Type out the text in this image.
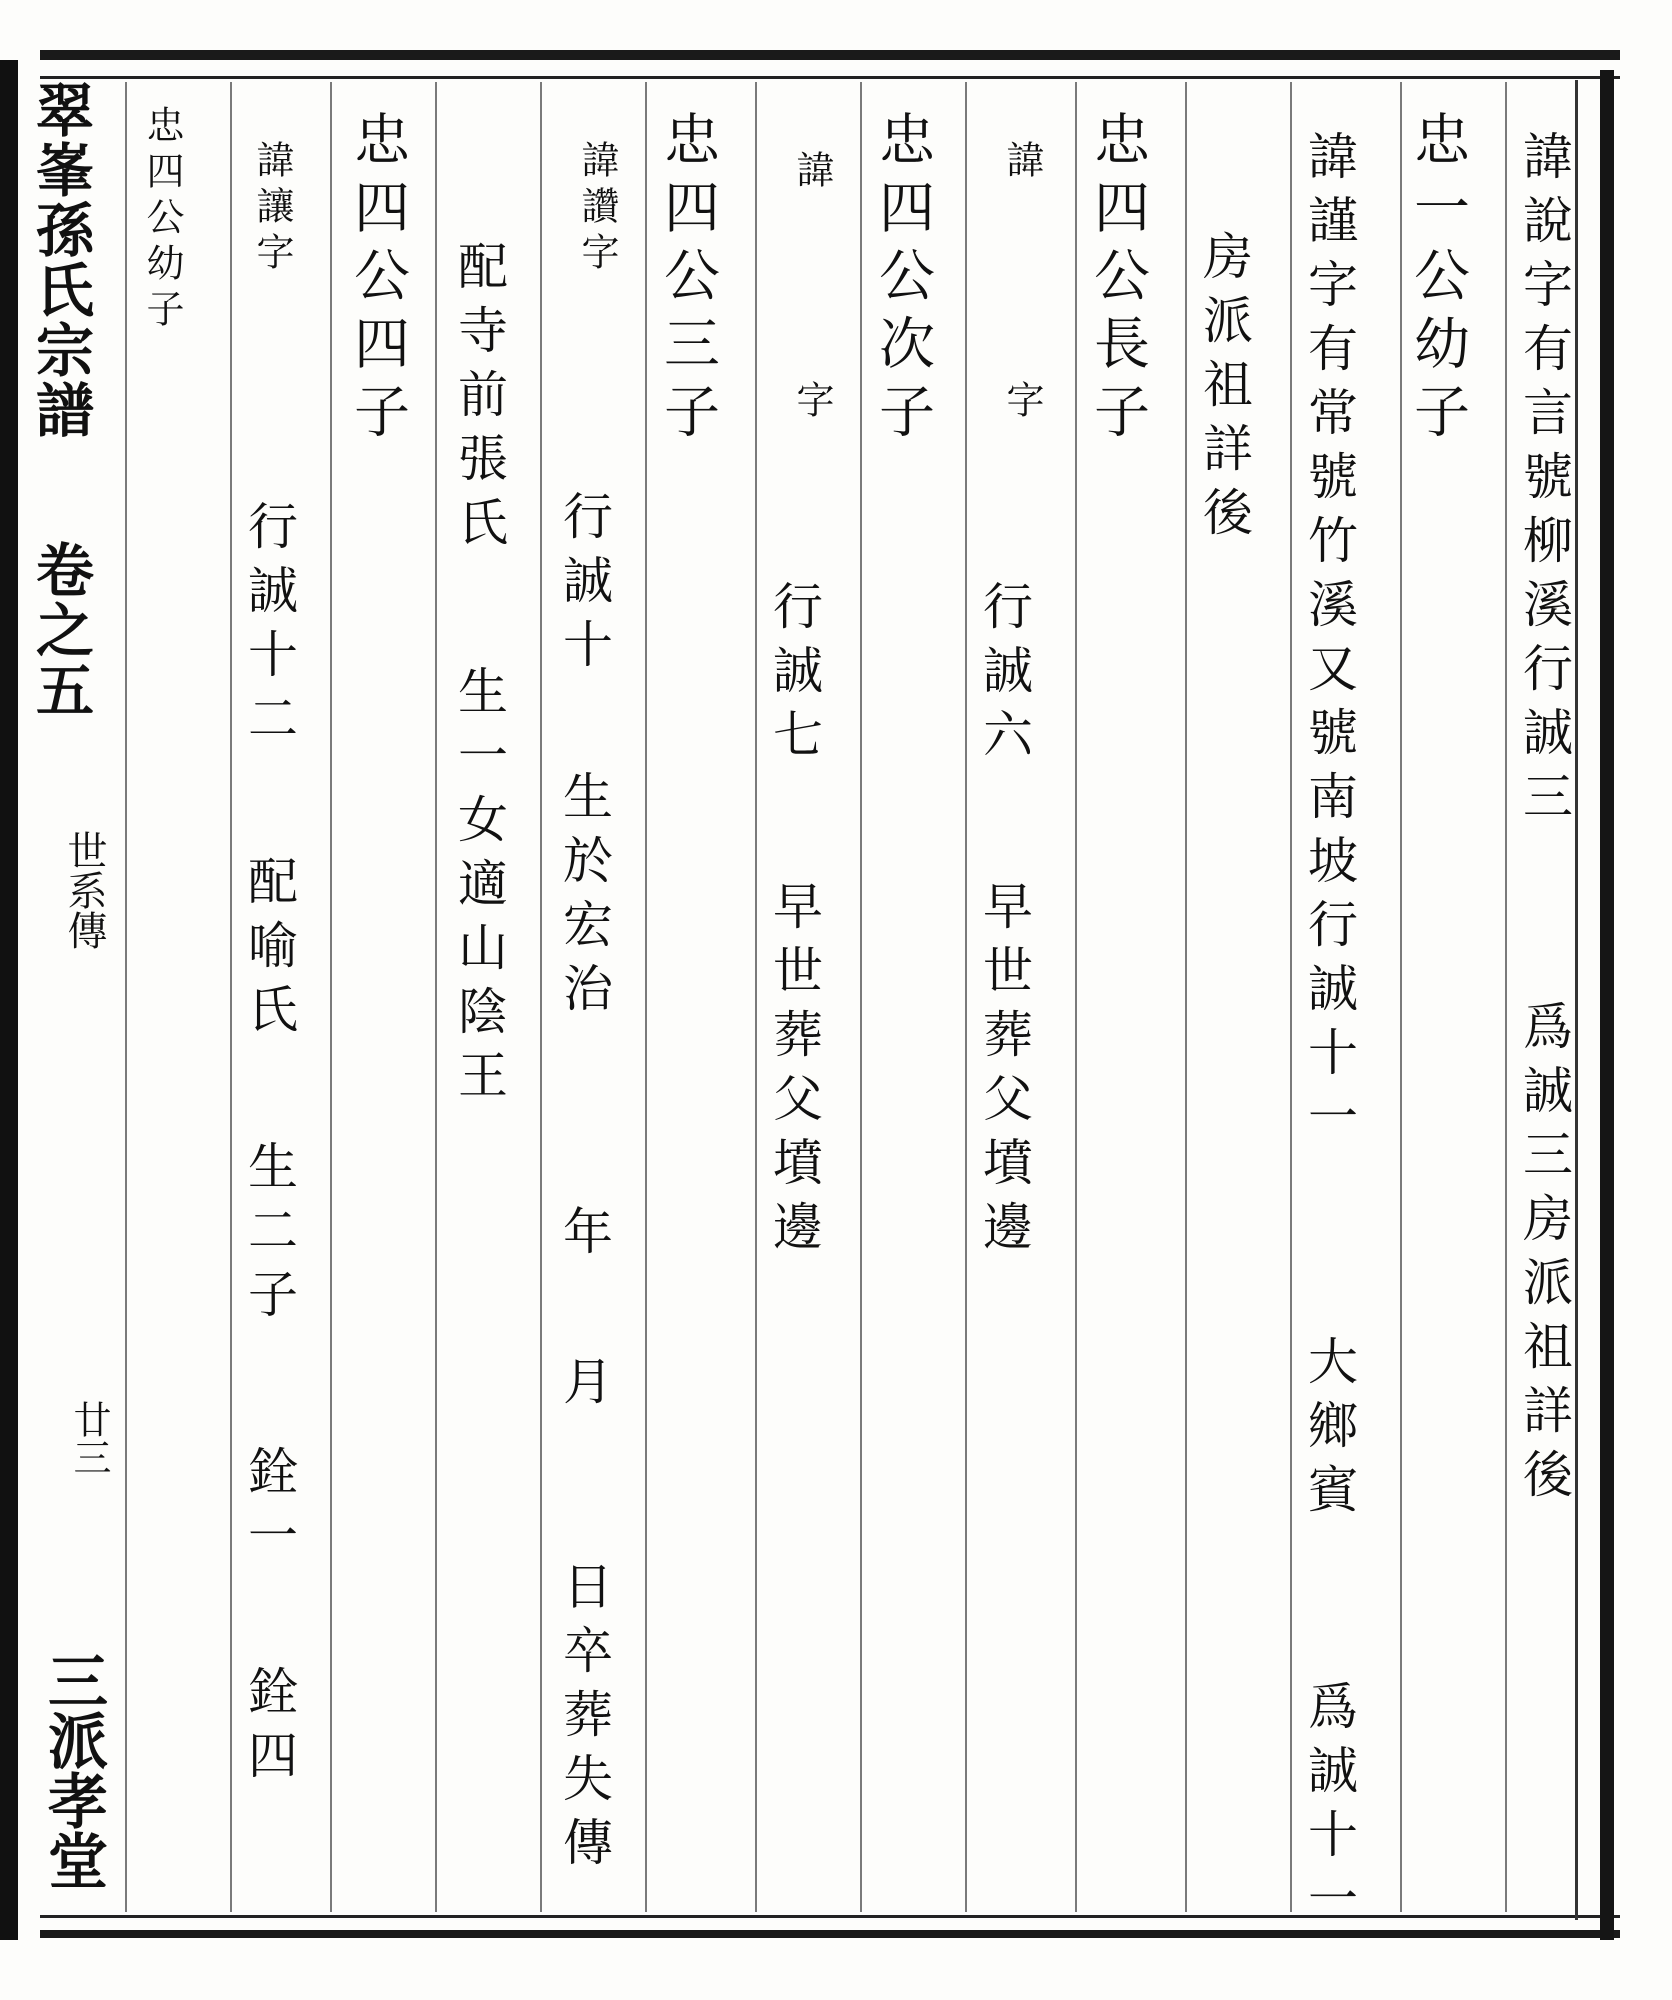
翠峯孫氏宗譜
卷之五
世系傳
廿三
三派孝堂
諱說字有言號柳溪行誠三
爲誠三房派祖詳後
忠一公幼子
諱謹字有常號竹溪又號南坡行誠十一
大鄉賓
爲誠十一
房派祖詳後
忠四公長子
諱
字
行誠六
早世葬父墳邊
忠四公次子
諱
字
行誠七
早世葬父墳邊
忠四公三子
諱讚字
行誠十
生於宏治
年
月
日卒葬失傳
配寺前張氏
生一女適山陰王
忠四公四子
諱讓字
行誠十二
配喻氏
生二子
銓一
銓四
忠四公幼子
